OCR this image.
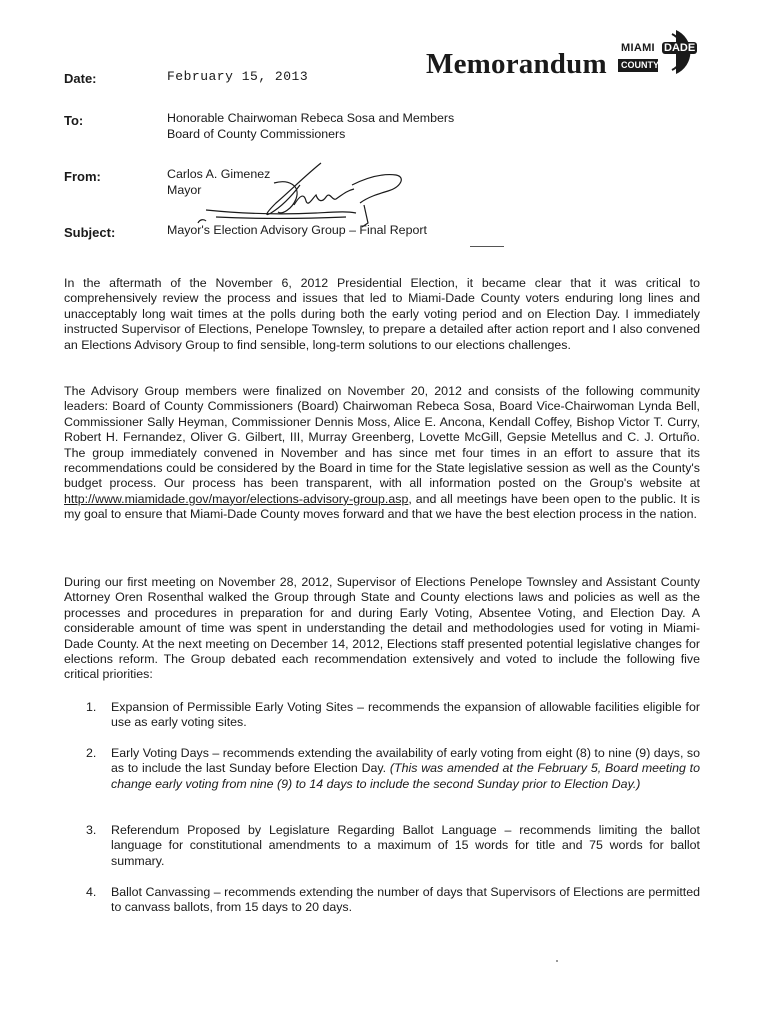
Memorandum MIAMI DADE
COUNTY
Date:	February 15, 2013
To:	Honorable Chairwoman Rebeca Sosa and Members
Board of County Commissioners
From:	Carlos A. Gimenez
Mayor
Subject:	Mayor's Election Advisory Group – Final Report

In the aftermath of the November 6, 2012 Presidential Election, it became clear that it was critical to comprehensively review the process and issues that led to Miami-Dade County voters enduring long lines and unacceptably long wait times at the polls during both the early voting period and on Election Day. I immediately instructed Supervisor of Elections, Penelope Townsley, to prepare a detailed after action report and I also convened an Elections Advisory Group to find sensible, long-term solutions to our elections challenges.

The Advisory Group members were finalized on November 20, 2012 and consists of the following community leaders: Board of County Commissioners (Board) Chairwoman Rebeca Sosa, Board Vice-Chairwoman Lynda Bell, Commissioner Sally Heyman, Commissioner Dennis Moss, Alice E. Ancona, Kendall Coffey, Bishop Victor T. Curry, Robert H. Fernandez, Oliver G. Gilbert, III, Murray Greenberg, Lovette McGill, Gepsie Metellus and C. J. Ortuño. The group immediately convened in November and has since met four times in an effort to assure that its recommendations could be considered by the Board in time for the State legislative session as well as the County's budget process. Our process has been transparent, with all information posted on the Group's website at http://www.miamidade.gov/mayor/elections-advisory-group.asp, and all meetings have been open to the public. It is my goal to ensure that Miami-Dade County moves forward and that we have the best election process in the nation.

During our first meeting on November 28, 2012, Supervisor of Elections Penelope Townsley and Assistant County Attorney Oren Rosenthal walked the Group through State and County elections laws and policies as well as the processes and procedures in preparation for and during Early Voting, Absentee Voting, and Election Day. A considerable amount of time was spent in understanding the detail and methodologies used for voting in Miami-Dade County. At the next meeting on December 14, 2012, Elections staff presented potential legislative changes for elections reform. The Group debated each recommendation extensively and voted to include the following five critical priorities:

1.	Expansion of Permissible Early Voting Sites – recommends the expansion of allowable facilities eligible for use as early voting sites.
2.	Early Voting Days – recommends extending the availability of early voting from eight (8) to nine (9) days, so as to include the last Sunday before Election Day. (This was amended at the February 5, Board meeting to change early voting from nine (9) to 14 days to include the second Sunday prior to Election Day.)
3.	Referendum Proposed by Legislature Regarding Ballot Language – recommends limiting the ballot language for constitutional amendments to a maximum of 15 words for title and 75 words for ballot summary.
4.	Ballot Canvassing – recommends extending the number of days that Supervisors of Elections are permitted to canvass ballots, from 15 days to 20 days.
